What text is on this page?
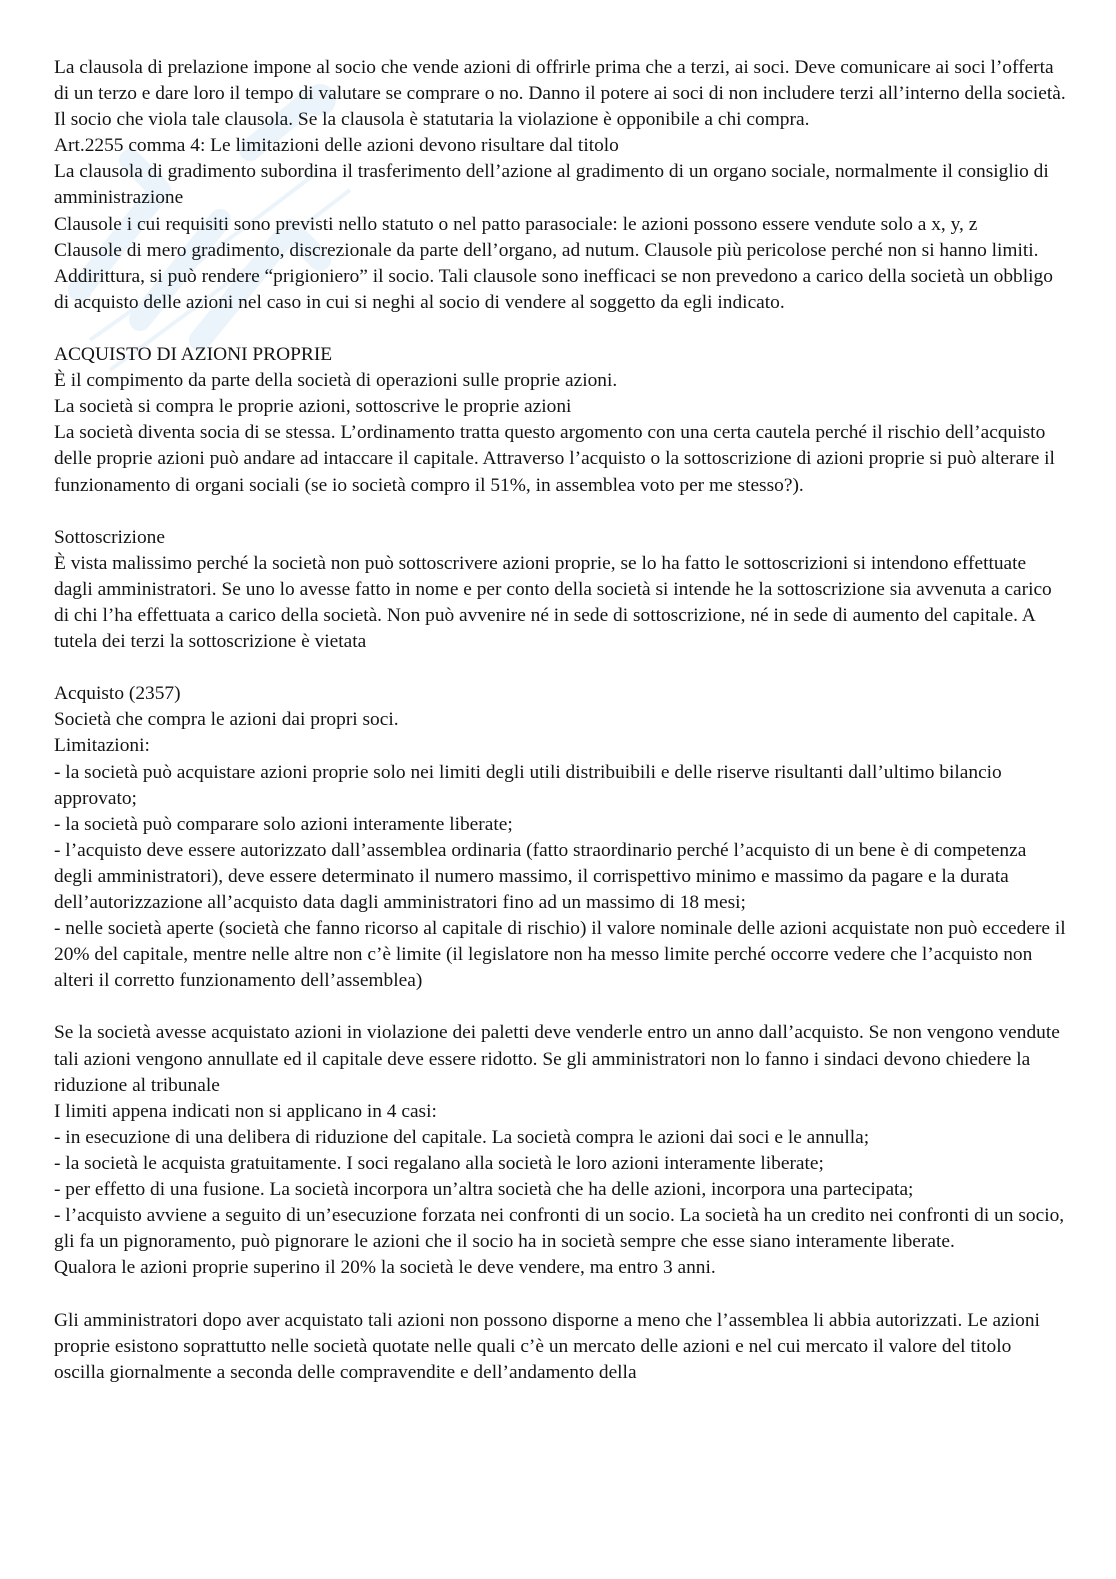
La clausola di prelazione impone al socio che vende azioni di offrirle prima che a terzi, ai soci. Deve comunicare ai soci l’offerta di un terzo e dare loro il tempo di valutare se comprare o no. Danno il potere ai soci di non includere terzi all’interno della società.

Il socio che viola tale clausola. Se la clausola è statutaria la violazione è opponibile a chi compra.

Art.2255 comma 4: Le limitazioni delle azioni devono risultare dal titolo

La clausola di gradimento subordina il trasferimento dell’azione al gradimento di un organo sociale, normalmente il consiglio di amministrazione

Clausole i cui requisiti sono previsti nello statuto o nel patto parasociale: le azioni possono essere vendute solo a x, y, z

Clausole di mero gradimento, discrezionale da parte dell’organo, ad nutum. Clausole più pericolose perché non si hanno limiti. Addirittura, si può rendere “prigioniero” il socio. Tali clausole sono inefficaci se non prevedono a carico della società un obbligo di acquisto delle azioni nel caso in cui si neghi al socio di vendere al soggetto da egli indicato.

ACQUISTO DI AZIONI PROPRIE

È il compimento da parte della società di operazioni sulle proprie azioni.

La società si compra le proprie azioni, sottoscrive le proprie azioni

La società diventa socia di se stessa. L’ordinamento tratta questo argomento con una certa cautela perché il rischio dell’acquisto delle proprie azioni può andare ad intaccare il capitale. Attraverso l’acquisto o la sottoscrizione di azioni proprie si può alterare il funzionamento di organi sociali (se io società compro il 51%, in assemblea voto per me stesso?).

Sottoscrizione

È vista malissimo perché la società non può sottoscrivere azioni proprie, se lo ha fatto le sottoscrizioni si intendono effettuate dagli amministratori. Se uno lo avesse fatto in nome e per conto della società si intende he la sottoscrizione sia avvenuta a carico di chi l’ha effettuata a carico della società. Non può avvenire né in sede di sottoscrizione, né in sede di aumento del capitale. A tutela dei terzi la sottoscrizione è vietata

Acquisto (2357)

Società che compra le azioni dai propri soci.

Limitazioni:

- la società può acquistare azioni proprie solo nei limiti degli utili distribuibili e delle riserve risultanti dall’ultimo bilancio approvato;

- la società può comparare solo azioni interamente liberate;

- l’acquisto deve essere autorizzato dall’assemblea ordinaria (fatto straordinario perché l’acquisto di un bene è di competenza degli amministratori), deve essere determinato il numero massimo, il corrispettivo minimo e massimo da pagare e la durata dell’autorizzazione all’acquisto data dagli amministratori fino ad un massimo di 18 mesi;

- nelle società aperte (società che fanno ricorso al capitale di rischio) il valore nominale delle azioni acquistate non può eccedere il 20% del capitale, mentre nelle altre non c’è limite (il legislatore non ha messo limite perché occorre vedere che l’acquisto non alteri il corretto funzionamento dell’assemblea)

Se la società avesse acquistato azioni in violazione dei paletti deve venderle entro un anno dall’acquisto. Se non vengono vendute tali azioni vengono annullate ed il capitale deve essere ridotto. Se gli amministratori non lo fanno i sindaci devono chiedere la riduzione al tribunale

I limiti appena indicati non si applicano in 4 casi:

- in esecuzione di una delibera di riduzione del capitale. La società compra le azioni dai soci e le annulla;

- la società le acquista gratuitamente. I soci regalano alla società le loro azioni interamente liberate;

- per effetto di una fusione. La società incorpora un’altra società che ha delle azioni, incorpora una partecipata;

- l’acquisto avviene a seguito di un’esecuzione forzata nei confronti di un socio. La società ha un credito nei confronti di un socio, gli fa un pignoramento, può pignorare le azioni che il socio ha in società sempre che esse siano interamente liberate.

Qualora le azioni proprie superino il 20% la società le deve vendere, ma entro 3 anni.

Gli amministratori dopo aver acquistato tali azioni non possono disporne a meno che l’assemblea li abbia autorizzati. Le azioni proprie esistono soprattutto nelle società quotate nelle quali c’è un mercato delle azioni e nel cui mercato il valore del titolo oscilla giornalmente a seconda delle compravendite e dell’andamento della
